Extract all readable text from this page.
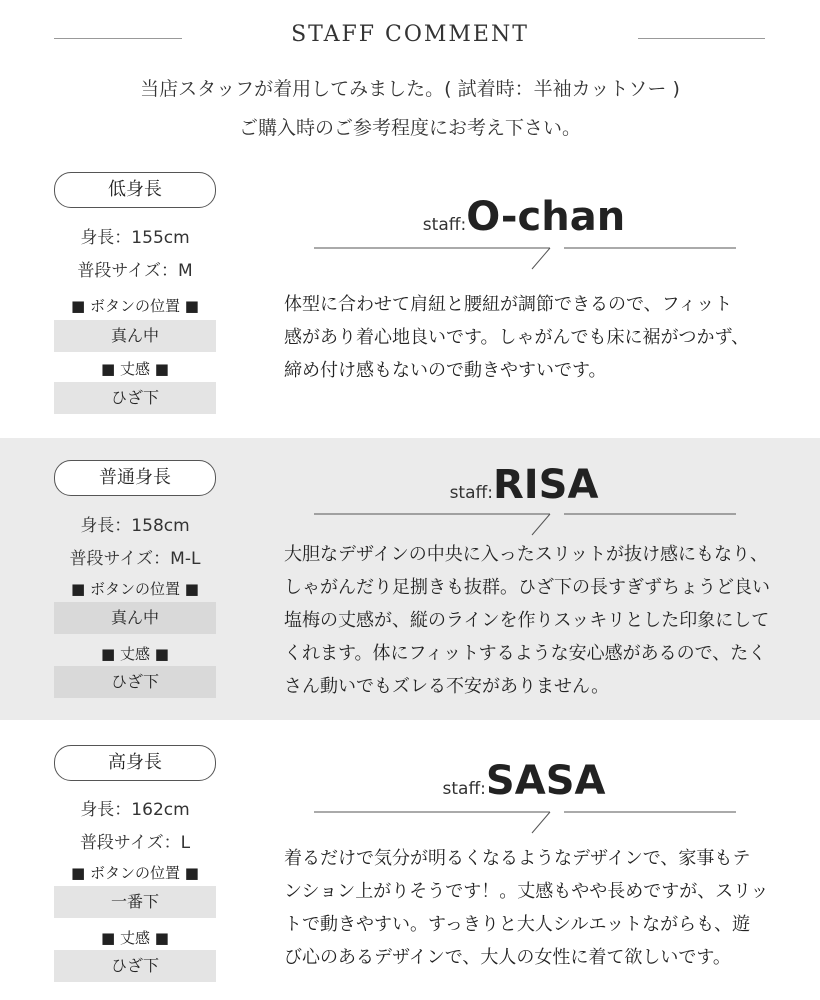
STAFF COMMENT
当店スタッフが着用してみました。( 試着時：半袖カットソー )
ご購入時のご参考程度にお考え下さい。
低身長
身長：155cm
普段サイズ：M
■ ボタンの位置 ■
真ん中
■ 丈感 ■
ひざ下
staff:O-chan

体型に合わせて肩紐と腰紐が調節できるので、フィット

感があり着心地良いです。しゃがんでも床に裾がつかず、

締め付け感もないので動きやすいです。

普通身長
身長：158cm
普段サイズ：M-L
■ ボタンの位置 ■
真ん中
■ 丈感 ■
ひざ下
staff:RISA

大胆なデザインの中央に入ったスリットが抜け感にもなり、

しゃがんだり足捌きも抜群。ひざ下の長すぎずちょうど良い

塩梅の丈感が、縦のラインを作りスッキリとした印象にして

くれます。体にフィットするような安心感があるので、たく

さん動いでもズレる不安がありません。

高身長
身長：162cm
普段サイズ：L
■ ボタンの位置 ■
一番下
■ 丈感 ■
ひざ下
staff:SASA

着るだけで気分が明るくなるようなデザインで、家事もテ

ンション上がりそうです！。丈感もやや長めですが、スリッ

トで動きやすい。すっきりと大人シルエットながらも、遊

び心のあるデザインで、大人の女性に着て欲しいです。
